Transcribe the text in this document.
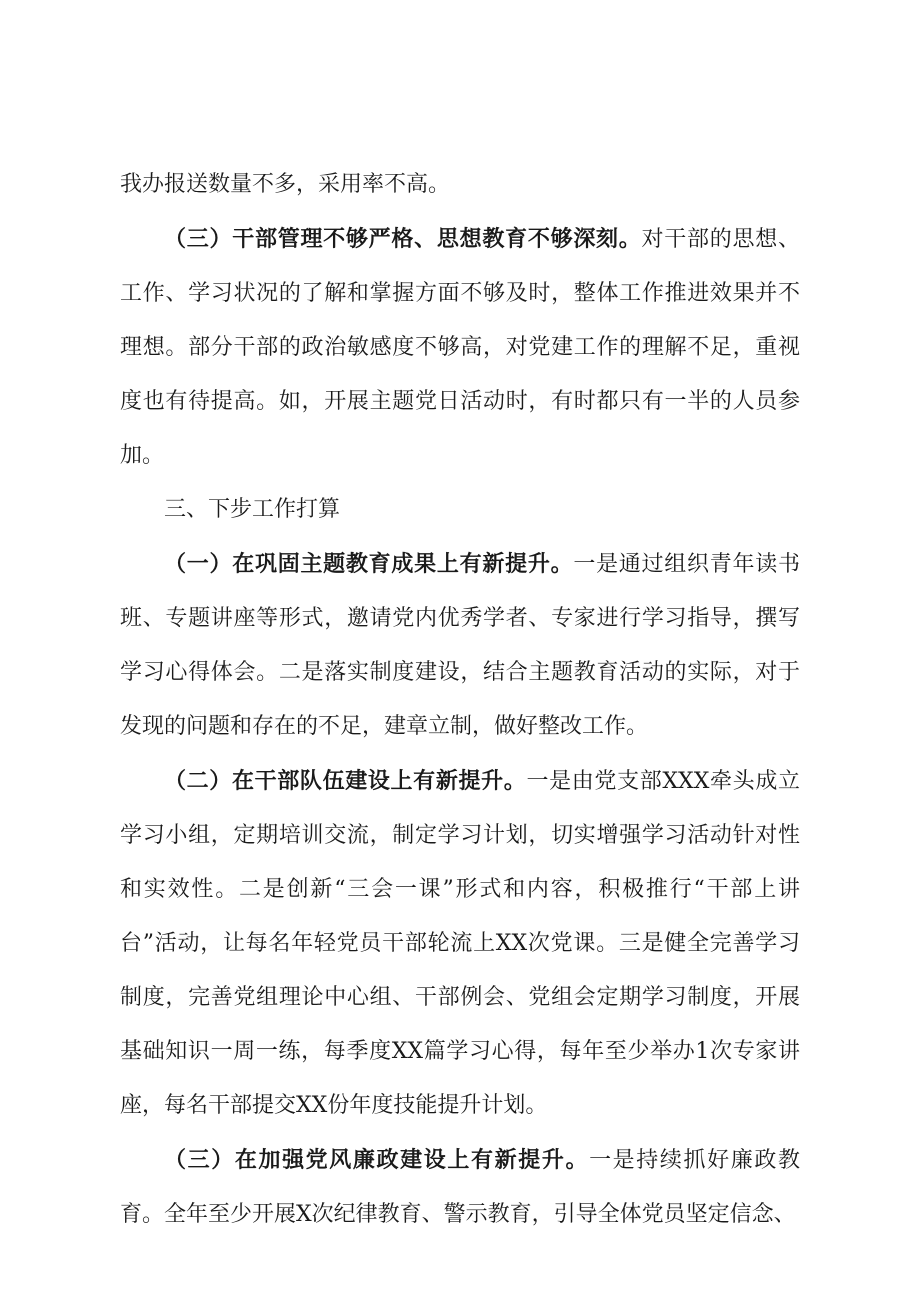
我办报送数量不多，采用率不高。

（三）干部管理不够严格、思想教育不够深刻。对干部的思想、工作、学习状况的了解和掌握方面不够及时，整体工作推进效果并不理想。部分干部的政治敏感度不够高，对党建工作的理解不足，重视度也有待提高。如，开展主题党日活动时，有时都只有一半的人员参加。

三、下步工作打算

（一）在巩固主题教育成果上有新提升。一是通过组织青年读书班、专题讲座等形式，邀请党内优秀学者、专家进行学习指导，撰写学习心得体会。二是落实制度建设，结合主题教育活动的实际，对于发现的问题和存在的不足，建章立制，做好整改工作。

（二）在干部队伍建设上有新提升。一是由党支部XXX牵头成立学习小组，定期培训交流，制定学习计划，切实增强学习活动针对性和实效性。二是创新“三会一课”形式和内容，积极推行“干部上讲台”活动，让每名年轻党员干部轮流上XX次党课。三是健全完善学习制度，完善党组理论中心组、干部例会、党组会定期学习制度，开展基础知识一周一练，每季度XX篇学习心得，每年至少举办1次专家讲座，每名干部提交XX份年度技能提升计划。

（三）在加强党风廉政建设上有新提升。一是持续抓好廉政教育。全年至少开展X次纪律教育、警示教育，引导全体党员坚定信念、
